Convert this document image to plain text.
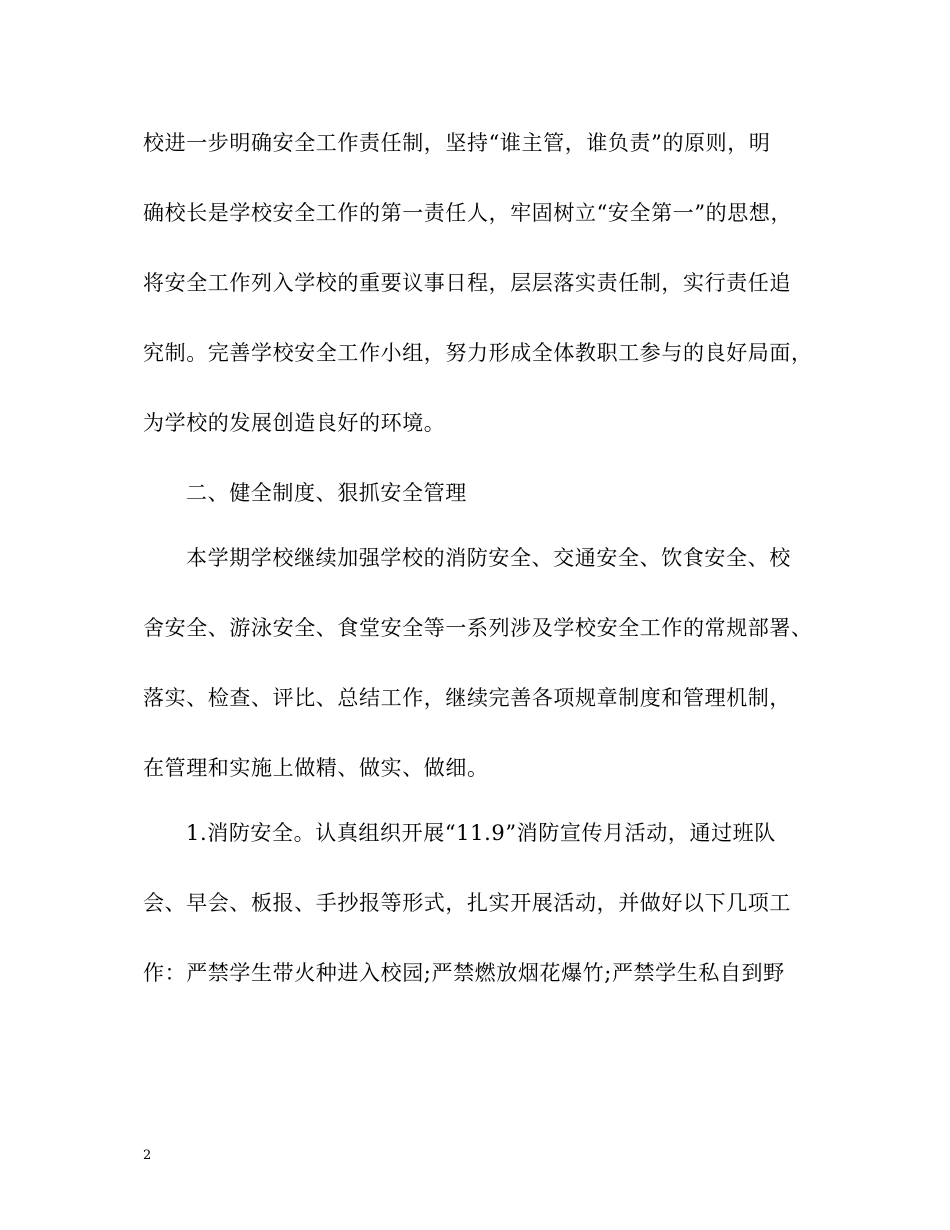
校进一步明确安全工作责任制，坚持“谁主管，谁负责”的原则，明
确校长是学校安全工作的第一责任人，牢固树立“安全第一”的思想，
将安全工作列入学校的重要议事日程，层层落实责任制，实行责任追
究制。完善学校安全工作小组，努力形成全体教职工参与的良好局面，
为学校的发展创造良好的环境。
二、健全制度、狠抓安全管理
本学期学校继续加强学校的消防安全、交通安全、饮食安全、校
舍安全、游泳安全、食堂安全等一系列涉及学校安全工作的常规部署、
落实、检查、评比、总结工作，继续完善各项规章制度和管理机制，
在管理和实施上做精、做实、做细。
1.消防安全。认真组织开展“11.9”消防宣传月活动，通过班队
会、早会、板报、手抄报等形式，扎实开展活动，并做好以下几项工
作：严禁学生带火种进入校园;严禁燃放烟花爆竹;严禁学生私自到野
2
